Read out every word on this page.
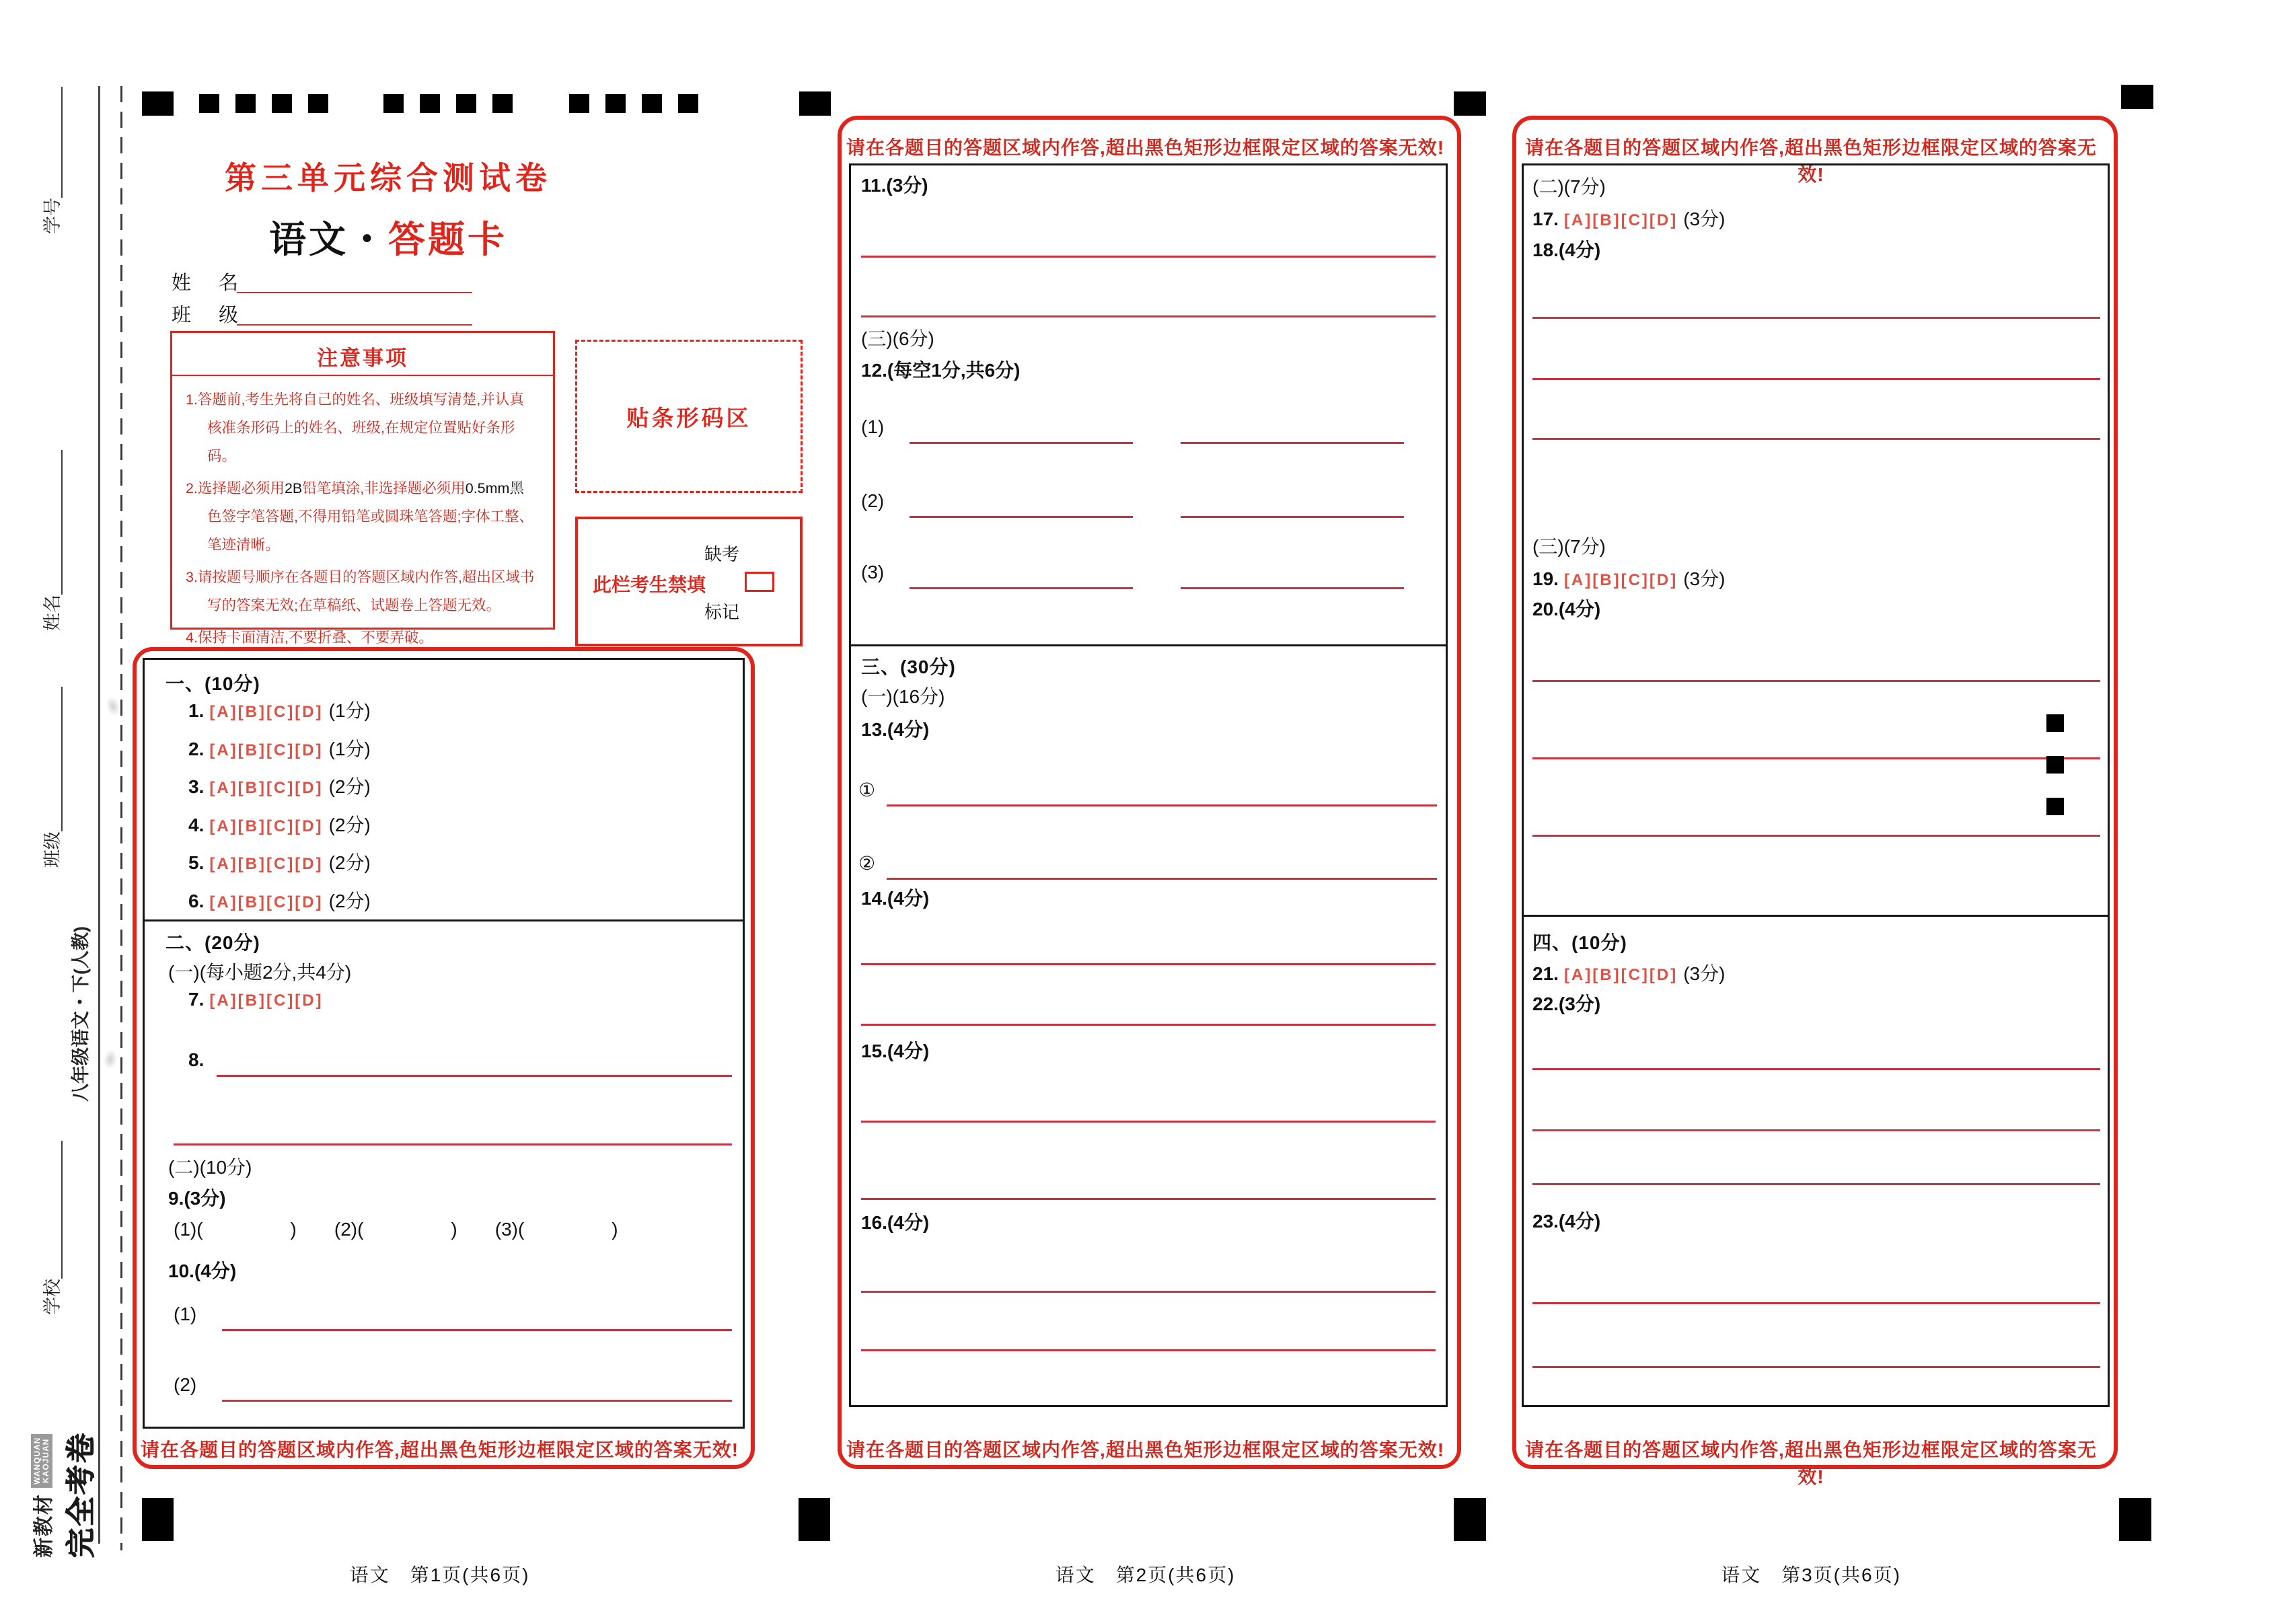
学号
姓名
班级
学校
八年级语文・下(人教)
新教材
WANQUAN
KAOJUAN 完全考卷
第三单元综合测试卷
语文・答题卡
姓　名
班　级
注意事项
1.答题前,考生先将自己的姓名、班级填写清楚,并认真核准条形码上的姓名、班级,在规定位置贴好条形码。
2.选择题必须用2B铅笔填涂,非选择题必须用0.5mm黑色签字笔答题,不得用铅笔或圆珠笔答题;字体工整、笔迹清晰。
3.请按题号顺序在各题目的答题区域内作答,超出区域书写的答案无效;在草稿纸、试题卷上答题无效。
4.保持卡面清洁,不要折叠、不要弄破。
贴条形码区
此栏考生禁填
缺考
标记
一、(10分)
1. [A][B][C][D] (1分)
2. [A][B][C][D] (1分)
3. [A][B][C][D] (2分)
4. [A][B][C][D] (2分)
5. [A][B][C][D] (2分)
6. [A][B][C][D] (2分)
二、(20分)
(一)(每小题2分,共4分)
7. [A][B][C][D]
8.
(二)(10分)
9.(3分)
(1)(	) (2)(	) (3)(	)
10.(4分)
(1)
(2)
请在各题目的答题区域内作答,超出黑色矩形边框限定区域的答案无效!
语文　 第1页(共6页)
请在各题目的答题区域内作答,超出黑色矩形边框限定区域的答案无效!
11.(3分)
(三)(6分)
12.(每空1分,共6分)
(1)
(2)
(3)
三、(30分)
(一)(16分)
13.(4分)
①
②
14.(4分)
15.(4分)
16.(4分)
请在各题目的答题区域内作答,超出黑色矩形边框限定区域的答案无效!
语文　 第2页(共6页)
请在各题目的答题区域内作答,超出黑色矩形边框限定区域的答案无效!
(二)(7分)
17. [A][B][C][D] (3分)
18.(4分)
(三)(7分)
19. [A][B][C][D] (3分)
20.(4分)
四、(10分)
21. [A][B][C][D] (3分)
22.(3分)
23.(4分)
请在各题目的答题区域内作答,超出黑色矩形边框限定区域的答案无效!
语文　 第3页(共6页)
